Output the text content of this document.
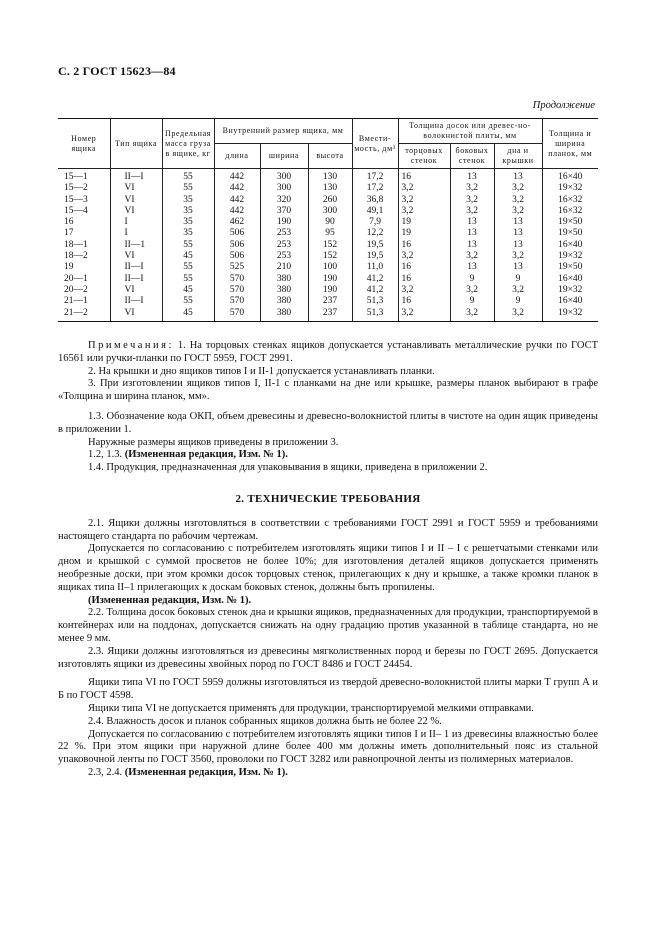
С. 2 ГОСТ 15623—84
Продолжение
Номер ящика	Тип ящика	Предельная масса груза в ящике, кг	Внутренний размер ящика, мм			Вмести-мость, дм³	Толщина досок или древес-но-волокнистой плиты, мм			Толщина и ширина планок, мм
			длина	ширина	высота		торцовых стенок	боковых стенок	дна и крышки	
15—1	II—I	55	442	300	130	17,2	16	13	13	16×40
15—2	VI	55	442	300	130	17,2	3,2	3,2	3,2	19×32
15—3	VI	35	442	320	260	36,8	3,2	3,2	3,2	16×32
15—4	VI	35	442	370	300	49,1	3,2	3,2	3,2	16×32
16	I	35	462	190	90	7,9	19	13	13	19×50
17	I	35	506	253	95	12,2	19	13	13	19×50
18—1	II—1	55	506	253	152	19,5	16	13	13	16×40
18—2	VI	45	506	253	152	19,5	3,2	3,2	3,2	19×32
19	II—I	55	525	210	100	11,0	16	13	13	19×50
20—1	II—I	55	570	380	190	41,2	16	9	9	16×40
20—2	VI	45	570	380	190	41,2	3,2	3,2	3,2	19×32
21—1	II—I	55	570	380	237	51,3	16	9	9	16×40
21—2	VI	45	570	380	237	51,3	3,2	3,2	3,2	19×32

Примечания: 1. На торцовых стенках ящиков допускается устанавливать металлические ручки по ГОСТ 16561 или ручки-планки по ГОСТ 5959, ГОСТ 2991.

2. На крышки и дно ящиков типов I и II-1 допускается устанавливать планки.

3. При изготовлении ящиков типов I, II-1 с планками на дне или крышке, размеры планок выбирают в графе «Толщина и ширина планок, мм».

1.3. Обозначение кода ОКП, объем древесины и древесно-волокнистой плиты в чистоте на один ящик приведены в приложении 1.

Наружные размеры ящиков приведены в приложении 3.

1.2, 1.3. (Измененная редакция, Изм. № 1).

1.4. Продукция, предназначенная для упаковывания в ящики, приведена в приложении 2.

2. ТЕХНИЧЕСКИЕ ТРЕБОВАНИЯ

2.1. Ящики должны изготовляться в соответствии с требованиями ГОСТ 2991 и ГОСТ 5959 и требованиями настоящего стандарта по рабочим чертежам.

Допускается по согласованию с потребителем изготовлять ящики типов I и II – I с решетчатыми стенками или дном и крышкой с суммой просветов не более 10%; для изготовления деталей ящиков допускается применять необрезные доски, при этом кромки досок торцовых стенок, прилегающих к дну и крышке, а также кромки планок в ящиках типа II–1 прилегающих к доскам боковых стенок, должны быть пропилены.

(Измененная редакция, Изм. № 1).

2.2. Толщина досок боковых стенок дна и крышки ящиков, предназначенных для продукции, транспортируемой в контейнерах или на поддонах, допускается снижать на одну градацию против указанной в таблице стандарта, но не менее 9 мм.

2.3. Ящики должны изготовляться из древесины мягколиственных пород и березы по ГОСТ 2695. Допускается изготовлять ящики из древесины хвойных пород по ГОСТ 8486 и ГОСТ 24454.

Ящики типа VI по ГОСТ 5959 должны изготовляться из твердой древесно-волокнистой плиты марки Т групп А и Б по ГОСТ 4598.

Ящики типа VI не допускается применять для продукции, транспортируемой мелкими отправками.

2.4. Влажность досок и планок собранных ящиков должна быть не более 22 %.

Допускается по согласованию с потребителем изготовлять ящики типов I и II– 1 из древесины влажностью более 22 %. При этом ящики при наружной длине более 400 мм должны иметь дополнительный пояс из стальной упаковочной ленты по ГОСТ 3560, проволоки по ГОСТ 3282 или равнопрочной ленты из полимерных материалов.

2.3, 2.4. (Измененная редакция, Изм. № 1).
